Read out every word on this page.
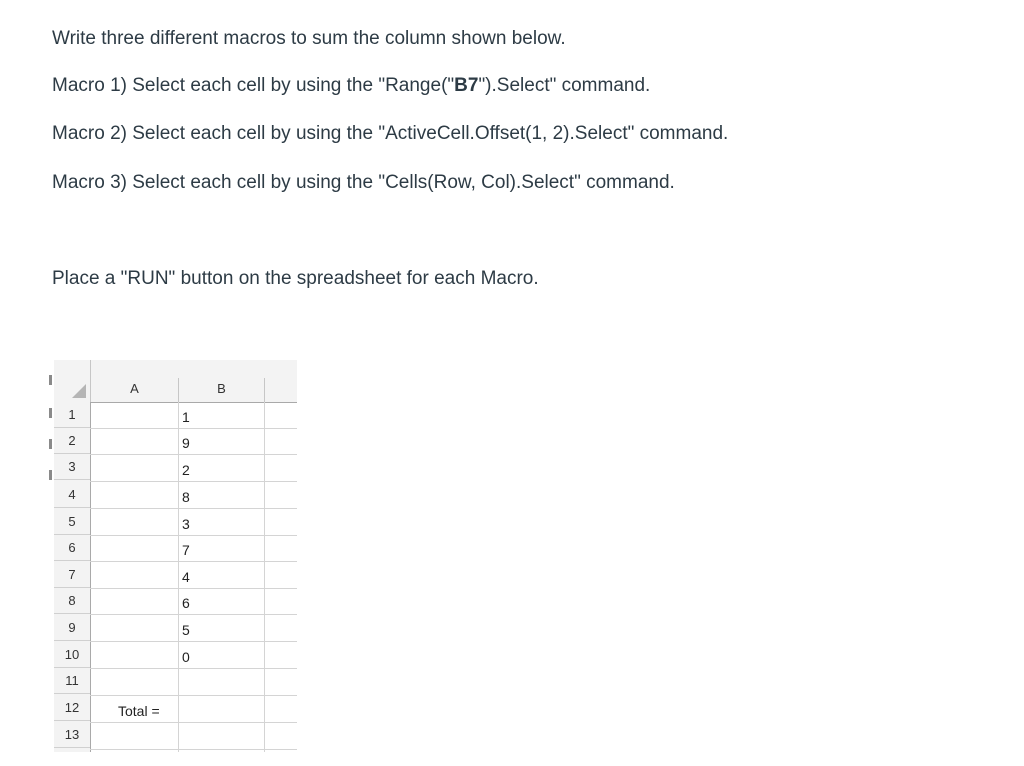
Write three different macros to sum the column shown below.

Macro 1) Select each cell by using the "Range("B7").Select" command.

Macro 2) Select each cell by using the "ActiveCell.Offset(1, 2).Select" command.

Macro 3) Select each cell by using the "Cells(Row, Col).Select" command.

Place a "RUN" button on the spreadsheet for each Macro.

A	B
1
2
3
4
5
6
7
8
9
10
11
12
13
1
9
2
8
3
7
4
6
5
0
Total =
